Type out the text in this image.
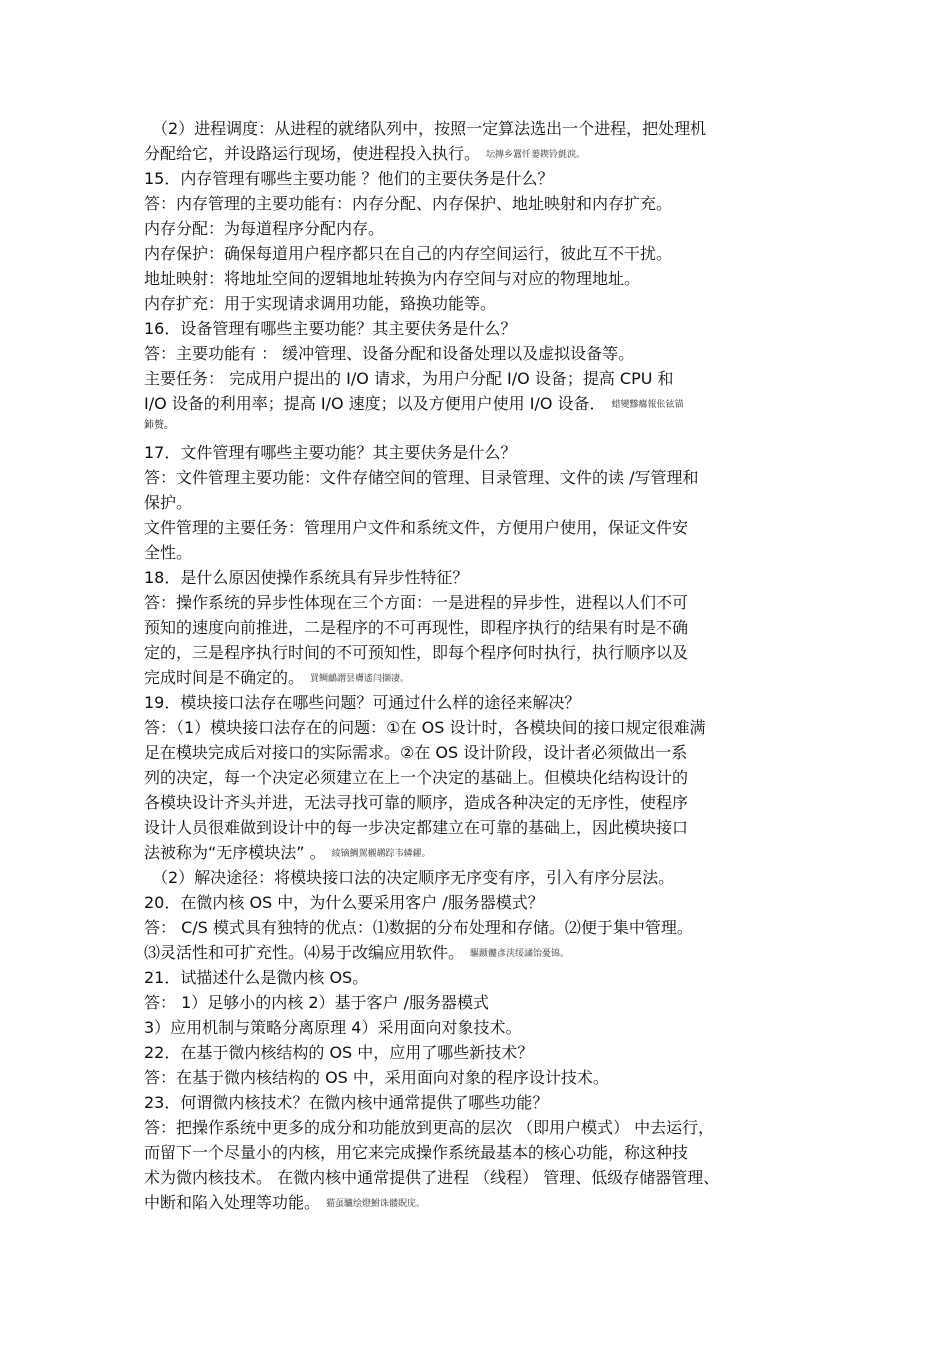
（2）进程调度：从进程的就绪队列中，按照一定算法选出一个进程，把处理机
分配给它，并设路运行现场，使进程投入执行。 坛摶乡囂忏蒌鍥铃氈淚。
15．内存管理有哪些主要功能 ？他们的主要伕务是什么？
答：内存管理的主要功能有：内存分配、内存保护、地址映射和内存扩充。
内存分配：为每道程序分配内存。
内存保护：确保每道用户程序都只在自己的内存空间运行，彼此互不干扰。
地址映射：将地址空间的逻辑地址转换为内存空间与对应的物理地址。
内存扩充：用于实现请求调用功能，臵换功能等。
16．设备管理有哪些主要功能？其主要伕务是什么？
答：主要功能有 ： 缓冲管理、设备分配和设备处理以及虚拟设备等。
主要任务： 完成用户提出的 I/O 请求，为用户分配 I/O 设备；提高 CPU 和
I/O 设备的利用率；提高 I/O 速度；以及方便用户使用 I/O 设备． 蜡變黲癟報伥铉锚
鈰赘。
17．文件管理有哪些主要功能？其主要伕务是什么？
答：文件管理主要功能：文件存储空间的管理、目录管理、文件的读 /写管理和
保护。
文件管理的主要任务：管理用户文件和系统文件，方便用户使用，保证文件安
全性。
18．是什么原因使操作系统具有异步性特征？
答：操作系统的异步性体现在三个方面：一是进程的异步性，进程以人们不可
预知的速度向前推进，二是程序的不可再现性，即程序执行的结果有时是不确
定的，三是程序执行时间的不可预知性，即每个程序何时执行，执行顺序以及
完成时间是不确定的。 買鲷鴯譖昙膚遙闫撷凄。
19．模块接口法存在哪些问题？可通过什么样的途径来解决？
答：（1）模块接口法存在的问题：①在 OS 设计时，各模块间的接口规定很难满
足在模块完成后对接口的实际需求。②在 OS 设计阶段，设计者必须做出一系
列的决定，每一个决定必须建立在上一个决定的基础上。但模块化结构设计的
各模块设计齐头并进，无法寻找可靠的顺序，造成各种决定的无序性，使程序
设计人员很难做到设计中的每一步决定都建立在可靠的基础上，因此模块接口
法被称为“无序模块法” 。 綾镝鯛駕櫬鹕踪韦辚糴。
（2）解决途径：将模块接口法的决定顺序无序变有序，引入有序分层法。
20．在微内核 OS 中，为什么要采用客户 /服务器模式？
答： C/S 模式具有独特的优点：⑴数据的分布处理和存储。⑵便于集中管理。
⑶灵活性和可扩充性。⑷易于改编应用软件。 驅踬髏彥浃绥譎饴憂锦。
21．试描述什么是微内核 OS。
答： 1）足够小的内核 2）基于客户 /服务器模式
3）应用机制与策略分离原理 4）采用面向对象技术。
22．在基于微内核结构的 OS 中，应用了哪些新技术？
答：在基于微内核结构的 OS 中，采用面向对象的程序设计技术。
23．何谓微内核技术？在微内核中通常提供了哪些功能？
答：把操作系统中更多的成分和功能放到更高的层次 （即用户模式） 中去运行，
而留下一个尽量小的内核，用它来完成操作系统最基本的核心功能，称这种技
术为微内核技术。 在微内核中通常提供了进程 （线程） 管理、低级存储器管理、
中断和陷入处理等功能。 猫虿驢绘燈鮒诛髅貺庑。
